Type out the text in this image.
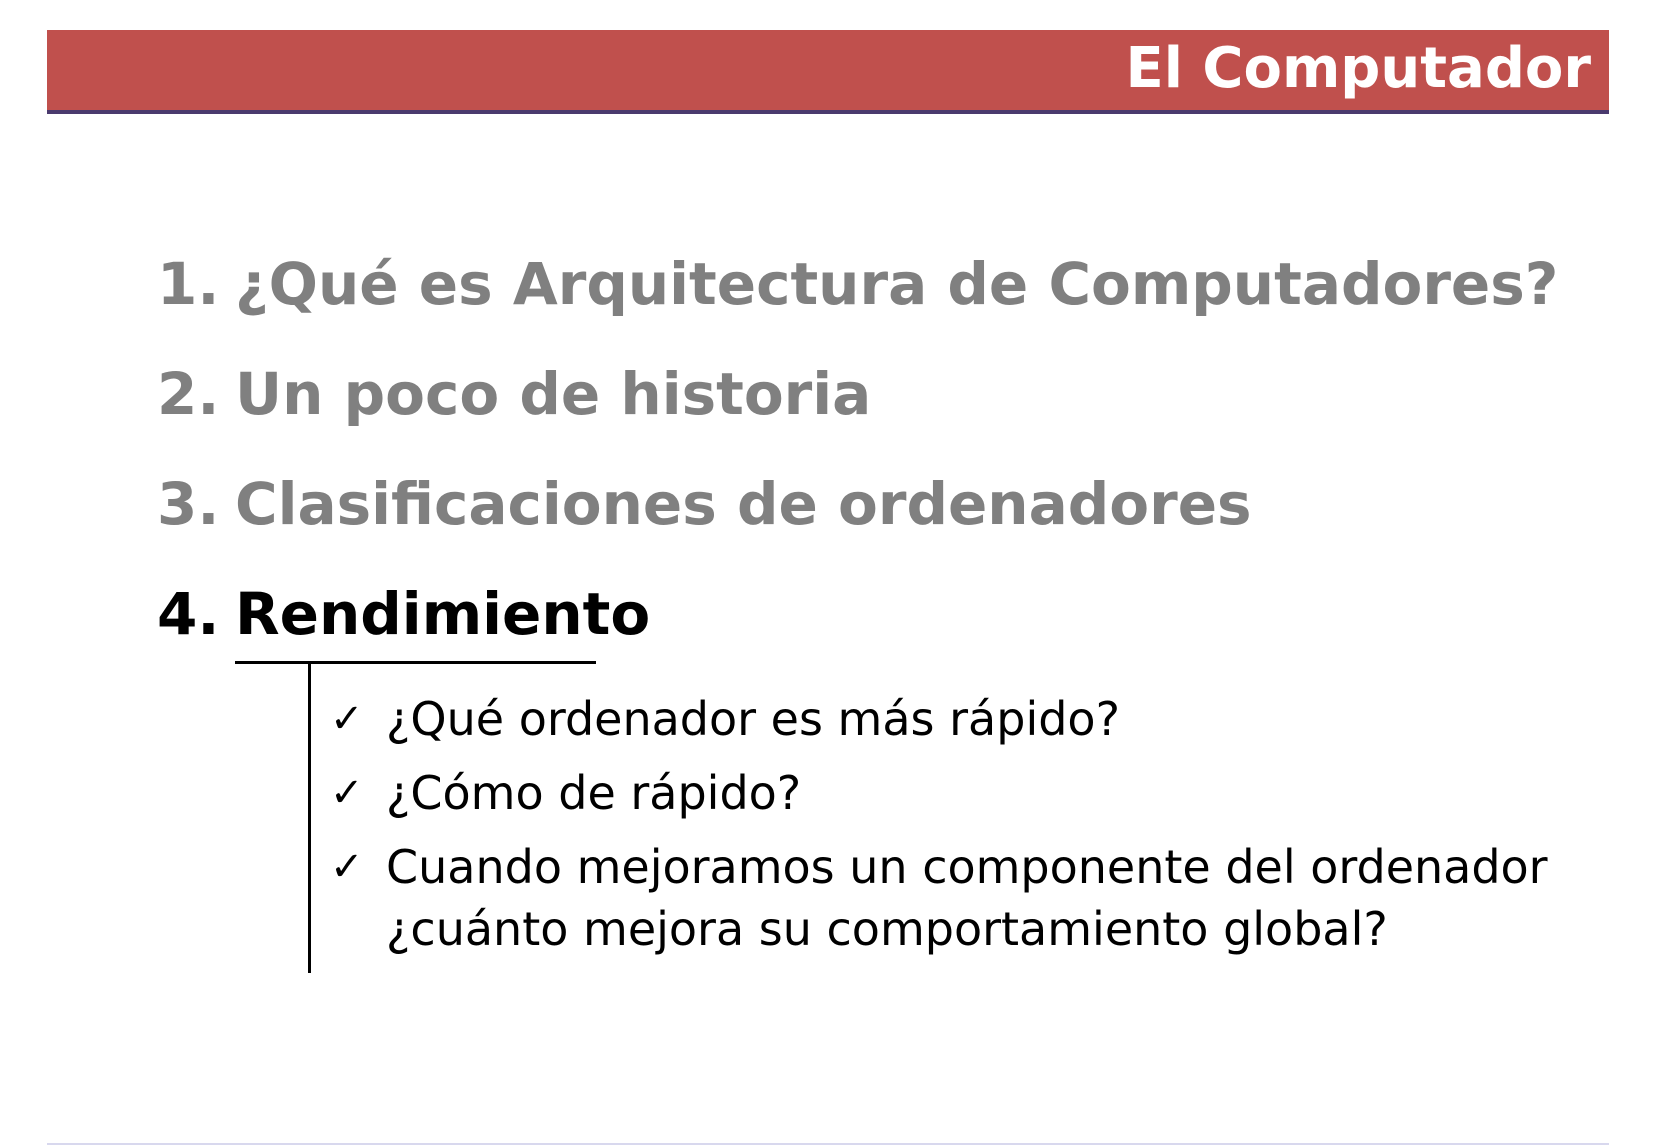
El Computador
1. ¿Qué es Arquitectura de Computadores?
2. Un poco de historia
3. Clasificaciones de ordenadores
4. Rendimiento
✓ ¿Qué ordenador es más rápido?
✓ ¿Cómo de rápido?
✓ Cuando mejoramos un componente del ordenador
¿cuánto mejora su comportamiento global?
